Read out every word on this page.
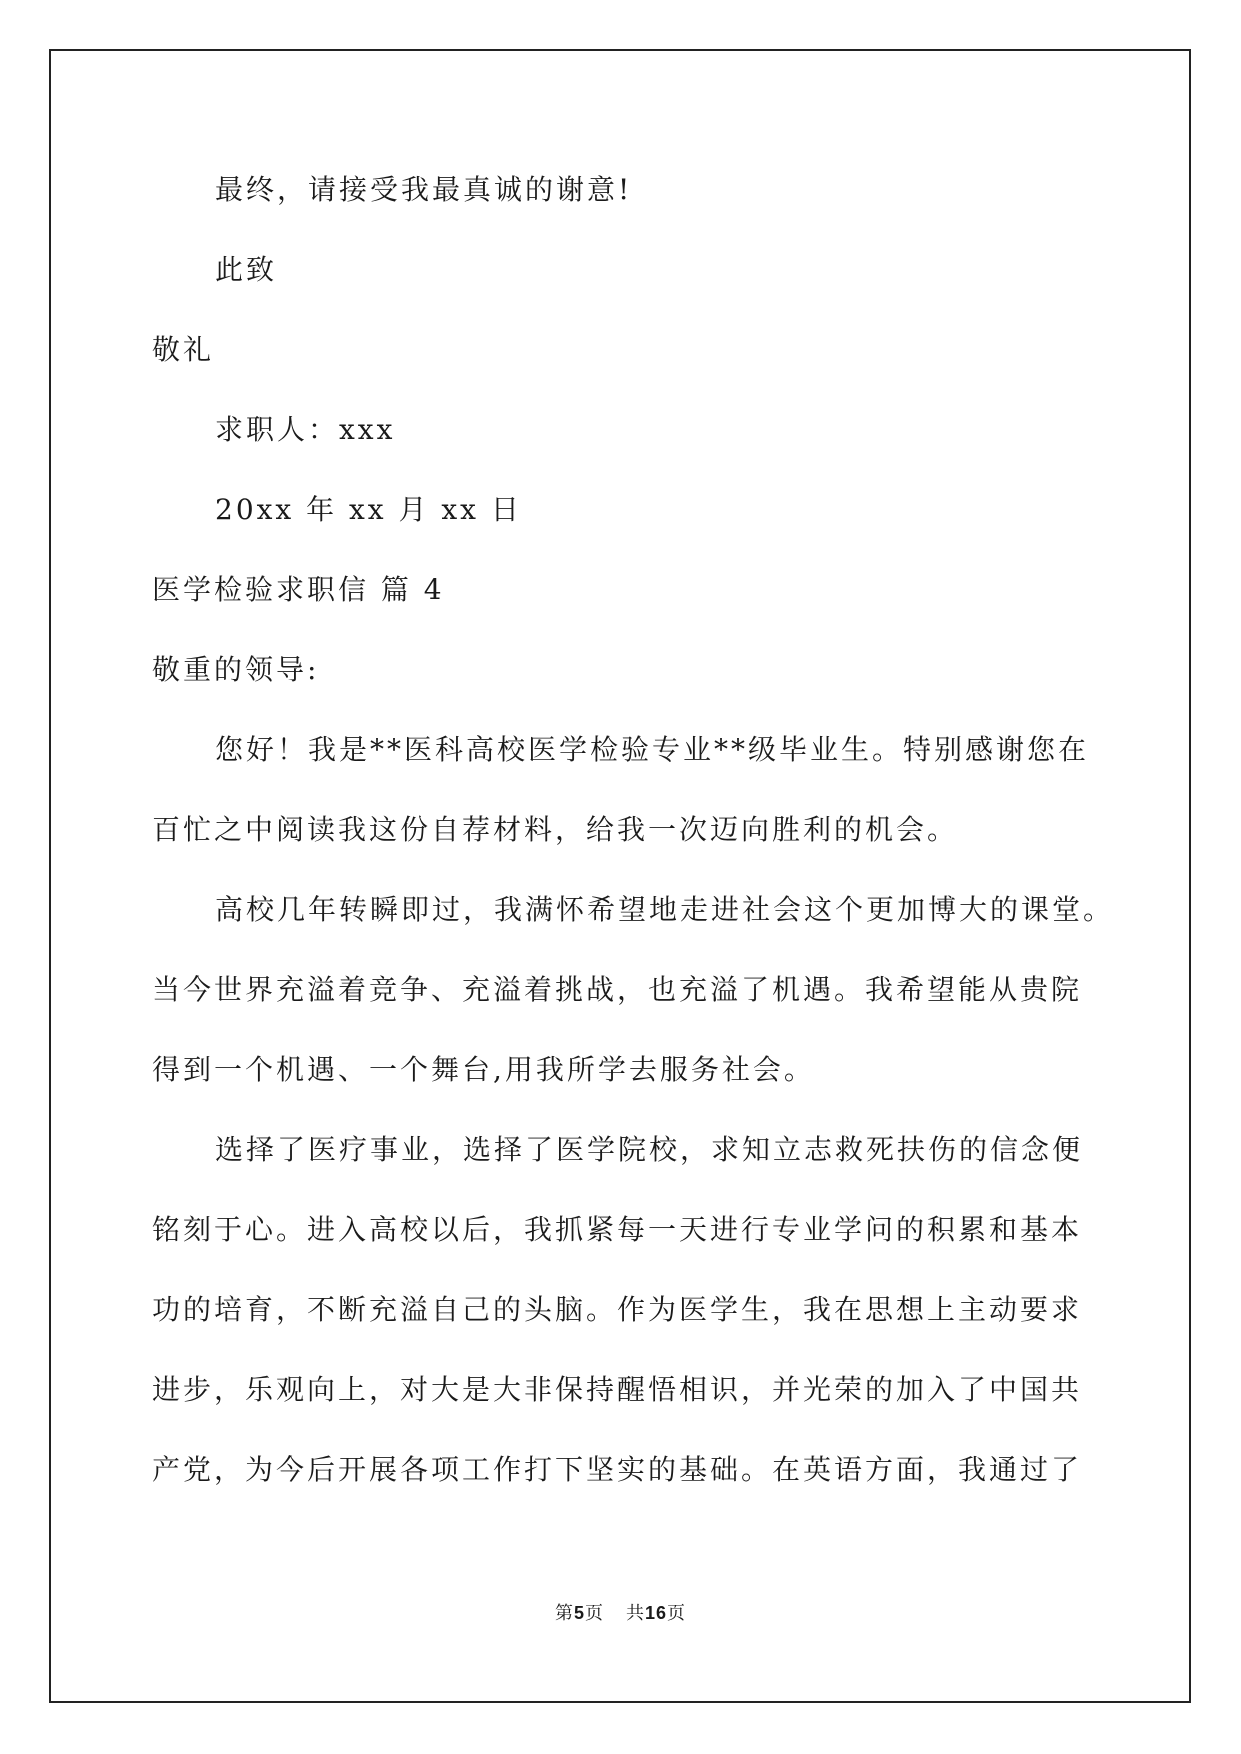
最终，请接受我最真诚的谢意!
此致
敬礼
求职人：xxx
20xx 年 xx 月 xx 日
医学检验求职信 篇 4
敬重的领导:
您好！我是**医科高校医学检验专业**级毕业生。特别感谢您在
百忙之中阅读我这份自荐材料，给我一次迈向胜利的机会。
高校几年转瞬即过，我满怀希望地走进社会这个更加博大的课堂。
当今世界充溢着竞争、充溢着挑战，也充溢了机遇。我希望能从贵院
得到一个机遇、一个舞台,用我所学去服务社会。
选择了医疗事业，选择了医学院校，求知立志救死扶伤的信念便
铭刻于心。进入高校以后，我抓紧每一天进行专业学问的积累和基本
功的培育，不断充溢自己的头脑。作为医学生，我在思想上主动要求
进步，乐观向上，对大是大非保持醒悟相识，并光荣的加入了中国共
产党，为今后开展各项工作打下坚实的基础。在英语方面，我通过了
第5页 共16页
